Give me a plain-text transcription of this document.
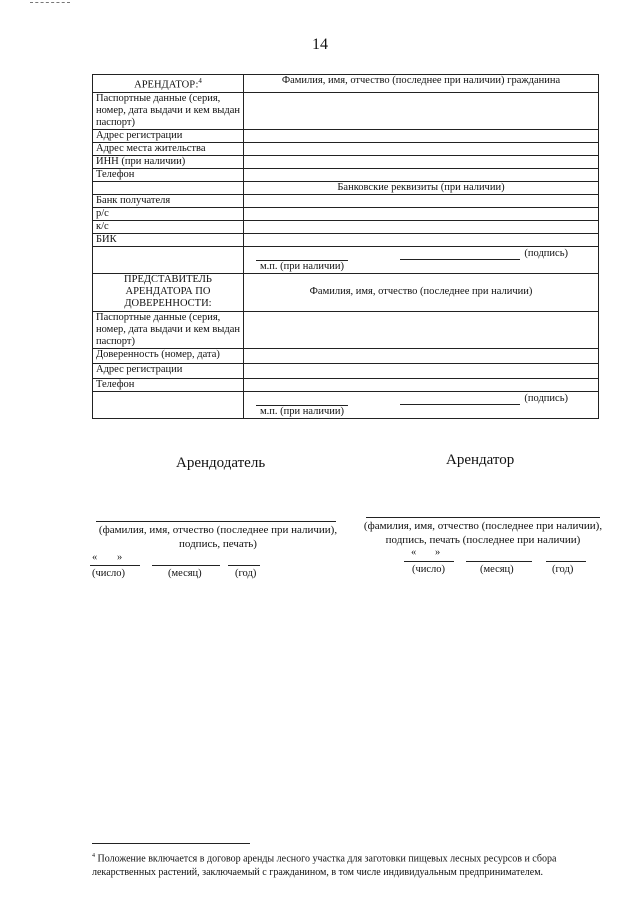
14
АРЕНДАТОР:$^4$	Фамилия, имя, отчество (последнее при наличии) гражданина
Паспортные данные (серия, номер, дата выдачи и кем выдан паспорт)	
Адрес регистрации	
Адрес места жительства	
ИНН (при наличии)	
Телефон	
	Банковские реквизиты (при наличии)
Банк получателя	
р/с	
к/с	
БИК	

	(подпись)
м.п. (при наличии)

ПРЕДСТАВИТЕЛЬ АРЕНДАТОРА ПО ДОВЕРЕННОСТИ:	Фамилия, имя, отчество (последнее при наличии)
Паспортные данные (серия, номер, дата выдачи и кем выдан паспорт)	
Доверенность (номер, дата)	
Адрес регистрации	
Телефон	

	(подпись)
м.п. (при наличии)
Арендодатель
(фамилия, имя, отчество (последнее при наличии), подпись, печать)
« »
(число)	(месяц)	(год)
Арендатор
(фамилия, имя, отчество (последнее при наличии), подпись, печать (последнее при наличии)
« »
(число)	(месяц)	(год)
$^4$ Положение включается в договор аренды лесного участка для заготовки пищевых лесных ресурсов и сбора лекарственных растений, заключаемый с гражданином, в том числе индивидуальным предпринимателем.
